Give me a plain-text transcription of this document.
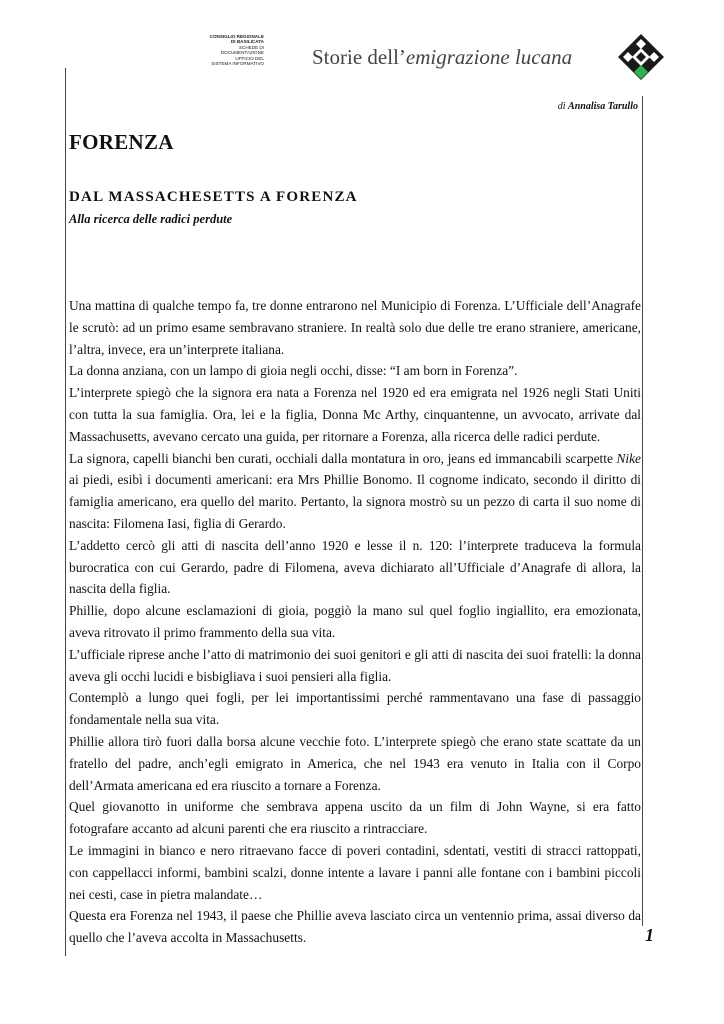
CONSIGLIO REGIONALE
DI BASILICATA
SCHEDE DI
DOCUMENTAZIONE
UFFICIO DEL
SISTEMA INFORMATIVO Storie dell’emigrazione lucana
di Annalisa Tarullo
FORENZA
DAL MASSACHESETTS A FORENZA
Alla ricerca delle radici perdute

Una mattina di qualche tempo fa, tre donne entrarono nel Municipio di Forenza. L’Ufficiale dell’Anagrafe le scrutò: ad un primo esame sembravano straniere. In realtà solo due delle tre erano straniere, americane, l’altra, invece, era un’interprete italiana.

La donna anziana, con un lampo di gioia negli occhi, disse: “I am born in Forenza”.

L’interprete spiegò che la signora era nata a Forenza nel 1920 ed era emigrata nel 1926 negli Stati Uniti con tutta la sua famiglia. Ora, lei e la figlia, Donna Mc Arthy, cinquantenne, un avvocato, arrivate dal Massachusetts, avevano cercato una guida, per ritornare a Forenza, alla ricerca delle radici perdute.

La signora, capelli bianchi ben curati, occhiali dalla montatura in oro, jeans ed immancabili scarpette Nike ai piedi, esibì i documenti americani: era Mrs Phillie Bonomo. Il cognome indicato, secondo il diritto di famiglia americano, era quello del marito. Pertanto, la signora mostrò su un pezzo di carta il suo nome di nascita: Filomena Iasi, figlia di Gerardo.

L’addetto cercò gli atti di nascita dell’anno 1920 e lesse il n. 120: l’interprete traduceva la formula burocratica con cui Gerardo, padre di Filomena, aveva dichiarato all’Ufficiale d’Anagrafe di allora, la nascita della figlia.

Phillie, dopo alcune esclamazioni di gioia, poggiò la mano sul quel foglio ingiallito, era emozionata, aveva ritrovato il primo frammento della sua vita.

L’ufficiale riprese anche l’atto di matrimonio dei suoi genitori e gli atti di nascita dei suoi fratelli: la donna aveva gli occhi lucidi e bisbigliava i suoi pensieri alla figlia.

Contemplò a lungo quei fogli, per lei importantissimi perché rammentavano una fase di passaggio fondamentale nella sua vita.

Phillie allora tirò fuori dalla borsa alcune vecchie foto. L’interprete spiegò che erano state scattate da un fratello del padre, anch’egli emigrato in America, che nel 1943 era venuto in Italia con il Corpo dell’Armata americana ed era riuscito a tornare a Forenza.

Quel giovanotto in uniforme che sembrava appena uscito da un film di John Wayne, si era fatto fotografare accanto ad alcuni parenti che era riuscito a rintracciare.

Le immagini in bianco e nero ritraevano facce di poveri contadini, sdentati, vestiti di stracci rattoppati, con cappellacci informi, bambini scalzi, donne intente a lavare i panni alle fontane con i bambini piccoli nei cesti, case in pietra malandate…

Questa era Forenza nel 1943, il paese che Phillie aveva lasciato circa un ventennio prima, assai diverso da quello che l’aveva accolta in Massachusetts.	1
